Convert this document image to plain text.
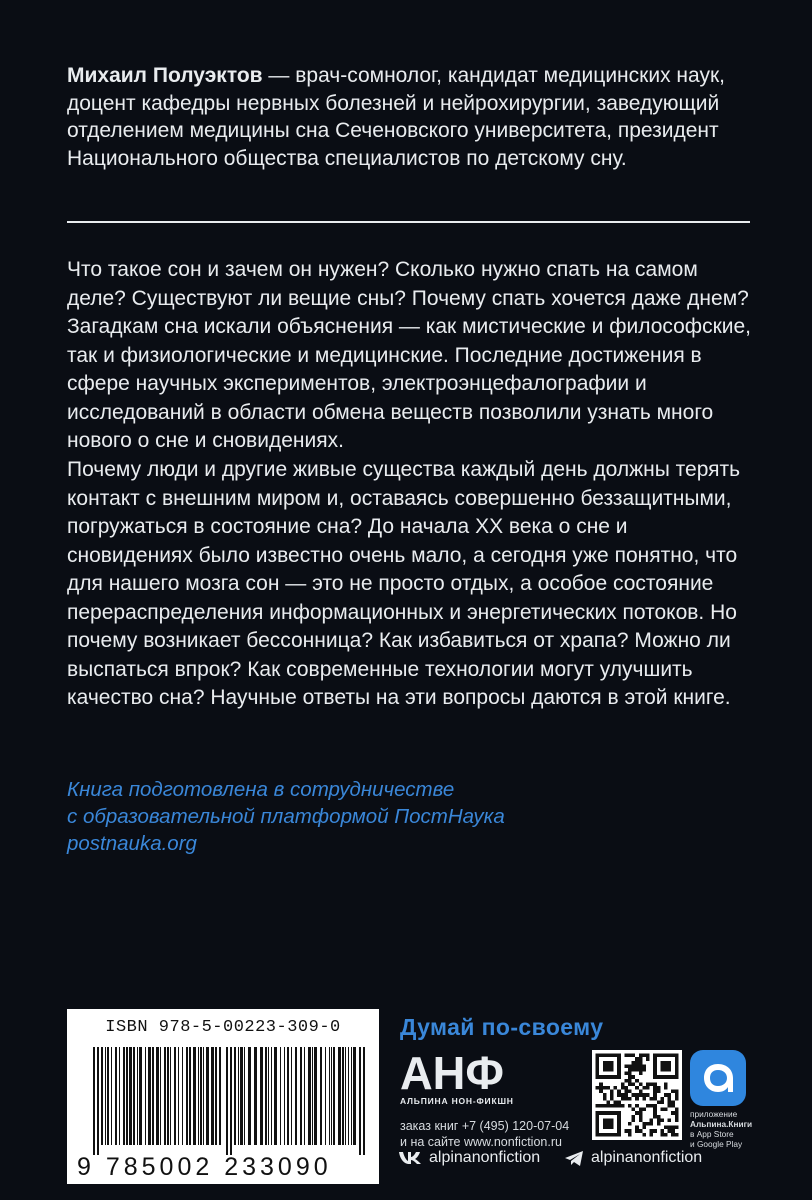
Михаил Полуэктов — врач-сомнолог, кандидат медицинских наук, доцент кафедры нервных болезней и нейрохирургии, заведующий отделением медицины сна Сеченовского университета, президент Национального общества специалистов по детскому сну.

Что такое сон и зачем он нужен? Сколько нужно спать на самом деле? Существуют ли вещие сны? Почему спать хочется даже днем? Загадкам сна искали объяснения — как мистические и философские, так и физиологические и медицинские. Последние достижения в сфере научных экспериментов, электроэнцефалографии и исследований в области обмена веществ позволили узнать много нового о сне и сновидениях.

Почему люди и другие живые существа каждый день должны терять контакт с внешним миром и, оставаясь совершенно беззащитными, погружаться в состояние сна? До начала XX века о сне и сновидениях было известно очень мало, а сегодня уже понятно, что для нашего мозга сон — это не просто отдых, а особое состояние перераспределения информационных и энергетических потоков. Но почему возникает бессонница? Как избавиться от храпа? Можно ли выспаться впрок? Как современные технологии могут улучшить качество сна? Научные ответы на эти вопросы даются в этой книге.

Книга подготовлена в сотрудничестве
с образовательной платформой ПостНаука
postnauka.org
ISBN 978-5-00223-309-0
9 785002 233090
Думай по-своему
АНФ
АЛЬПИНА НОН-ФИКШН
заказ книг +7 (495) 120-07-04
и на сайте www.nonfiction.ru
приложение
Альпина.Книги
в App Store
и Google Play
alpinanonfiction	alpinanonfiction
